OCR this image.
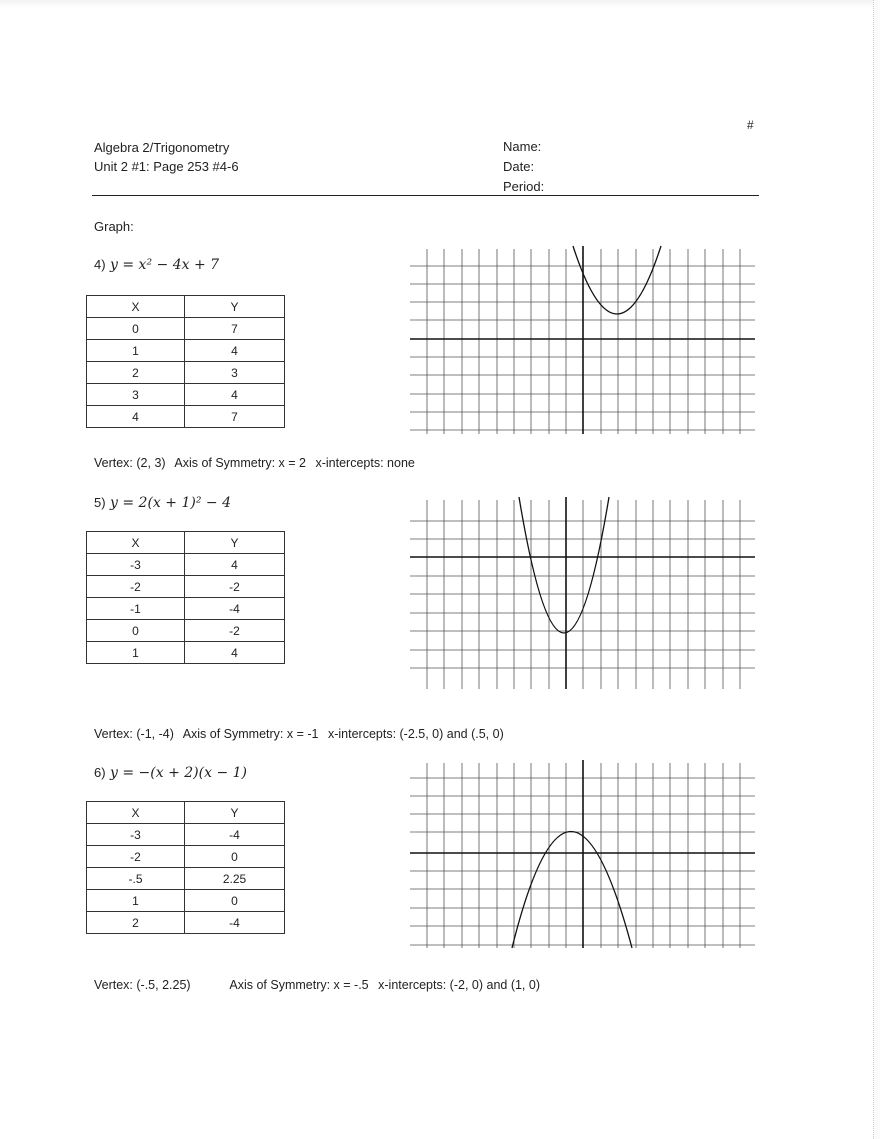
#
Algebra 2/Trigonometry
Unit 2 #1: Page 253 #4-6
Name:
Date:
Period:
Graph:
4) y = x² − 4x + 7
X	Y
0	7
1	4
2	3
3	4
4	7
Vertex: (2, 3) Axis of Symmetry: x = 2 x-intercepts: none
5) y = 2(x + 1)² − 4
X	Y
-3	4
-2	-2
-1	-4
0	-2
1	4
Vertex: (-1, -4) Axis of Symmetry: x = -1 x-intercepts: (-2.5, 0) and (.5, 0)
6) y = −(x + 2)(x − 1)
X	Y
-3	-4
-2	0
-.5	2.25
1	0
2	-4
Vertex: (-.5, 2.25)	Axis of Symmetry: x = -.5 x-intercepts: (-2, 0) and (1, 0)
